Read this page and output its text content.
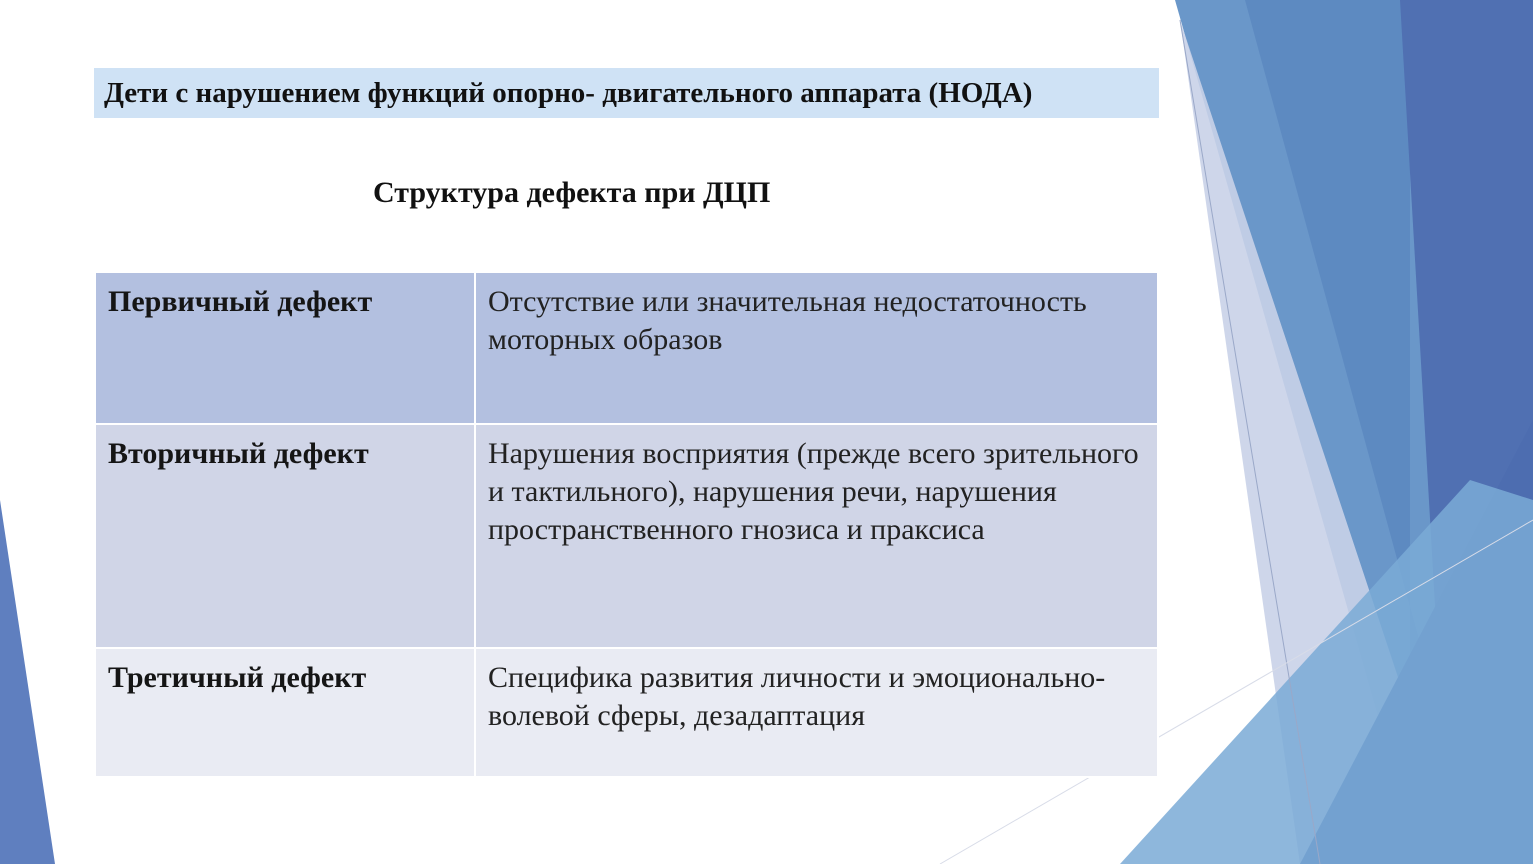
Дети с нарушением функций опорно- двигательного аппарата (НОДА)
Структура дефекта при ДЦП
Первичный дефект	Отсутствие или значительная недостаточность моторных образов
Вторичный дефект	Нарушения восприятия (прежде всего зрительного и тактильного), нарушения речи, нарушения пространственного гнозиса и праксиса
Третичный дефект	Специфика развития личности и эмоционально-волевой сферы, дезадаптация
